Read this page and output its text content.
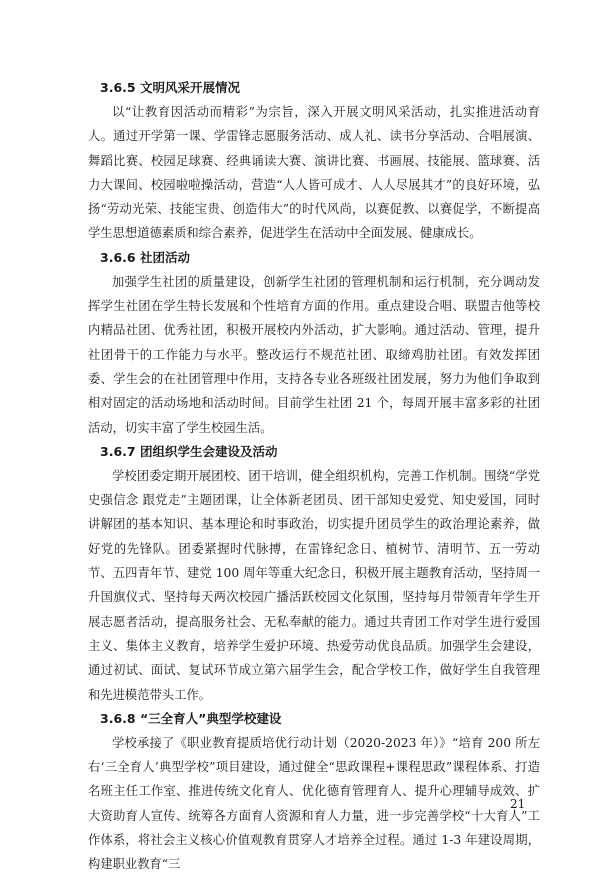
3.6.5 文明风采开展情况

以“让教育因活动而精彩”为宗旨，深入开展文明风采活动，扎实推进活动育人。通过开学第一课、学雷锋志愿服务活动、成人礼、读书分享活动、合唱展演、舞蹈比赛、校园足球赛、经典诵读大赛、演讲比赛、书画展、技能展、篮球赛、活力大课间、校园啦啦操活动，营造“人人皆可成才、人人尽展其才”的良好环境，弘扬“劳动光荣、技能宝贵、创造伟大”的时代风尚，以赛促教、以赛促学，不断提高学生思想道德素质和综合素养，促进学生在活动中全面发展、健康成长。

3.6.6 社团活动

加强学生社团的质量建设，创新学生社团的管理机制和运行机制，充分调动发挥学生社团在学生特长发展和个性培育方面的作用。重点建设合唱、联盟吉他等校内精品社团、优秀社团，积极开展校内外活动，扩大影响。通过活动、管理，提升社团骨干的工作能力与水平。整改运行不规范社团、取缔鸡肋社团。有效发挥团委、学生会的在社团管理中作用，支持各专业各班级社团发展，努力为他们争取到相对固定的活动场地和活动时间。目前学生社团 21 个，每周开展丰富多彩的社团活动，切实丰富了学生校园生活。

3.6.7 团组织学生会建设及活动

学校团委定期开展团校、团干培训，健全组织机构，完善工作机制。围绕“学党史强信念 跟党走”主题团课，让全体新老团员、团干部知史爱党、知史爱国，同时讲解团的基本知识、基本理论和时事政治，切实提升团员学生的政治理论素养，做好党的先锋队。团委紧握时代脉搏，在雷锋纪念日、植树节、清明节、五一劳动节、五四青年节、建党 100 周年等重大纪念日，积极开展主题教育活动，坚持周一升国旗仪式、坚持每天两次校园广播活跃校园文化氛围，坚持每月带领青年学生开展志愿者活动，提高服务社会、无私奉献的能力。通过共青团工作对学生进行爱国主义、集体主义教育，培养学生爱护环境、热爱劳动优良品质。加强学生会建设，通过初试、面试、复试环节成立第六届学生会，配合学校工作，做好学生自我管理和先进模范带头工作。

3.6.8 “三全育人”典型学校建设

学校承接了《职业教育提质培优行动计划（2020-2023 年）》“培育 200 所左右‘三全育人’典型学校”项目建设，通过健全“思政课程+课程思政”课程体系、打造名班主任工作室、推进传统文化育人、优化德育管理育人、提升心理辅导成效、扩大资助育人宣传、统筹各方面育人资源和育人力量，进一步完善学校“十大育人”工作体系，将社会主义核心价值观教育贯穿人才培养全过程。通过 1-3 年建设周期，构建职业教育“三

21
